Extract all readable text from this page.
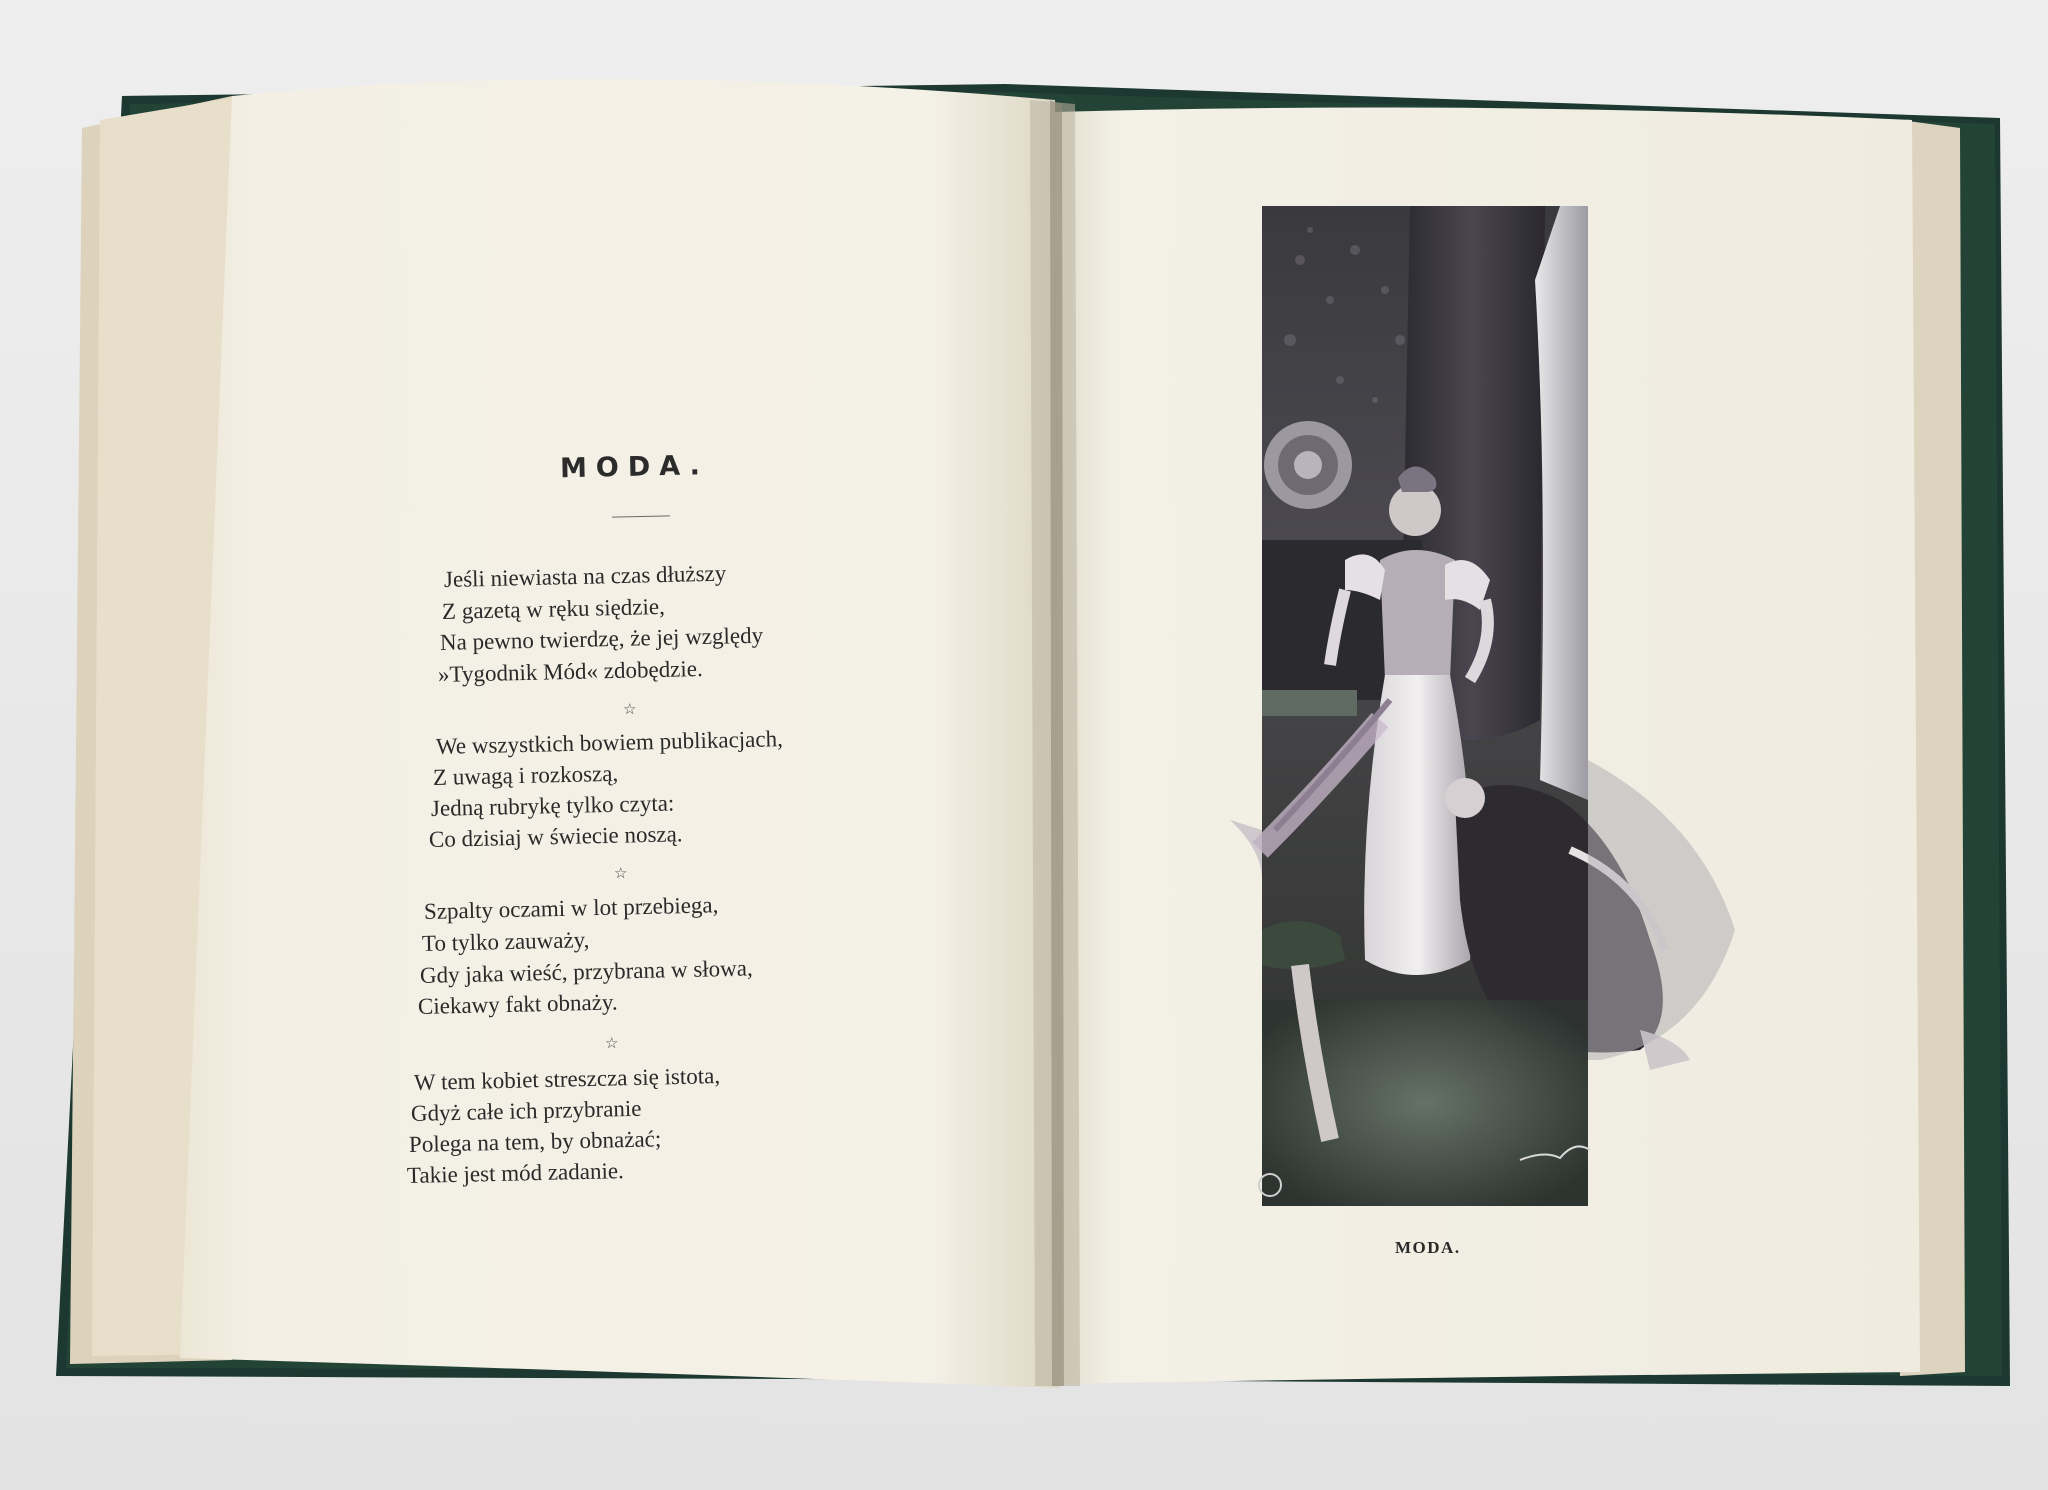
MODA.
Jeśli niewiasta na czas dłuższy
Z gazetą w ręku siędzie,
Na pewno twierdzę, że jej względy
»Tygodnik Mód« zdobędzie.
☆
We wszystkich bowiem publikacjach,
Z uwagą i rozkoszą,
Jedną rubrykę tylko czyta:
Co dzisiaj w świecie noszą.
☆
Szpalty oczami w lot przebiega,
To tylko zauważy,
Gdy jaka wieść, przybrana w słowa,
Ciekawy fakt obnaży.
☆
W tem kobiet streszcza się istota,
Gdyż całe ich przybranie
Polega na tem, by obnażać;
Takie jest mód zadanie.
MODA.
